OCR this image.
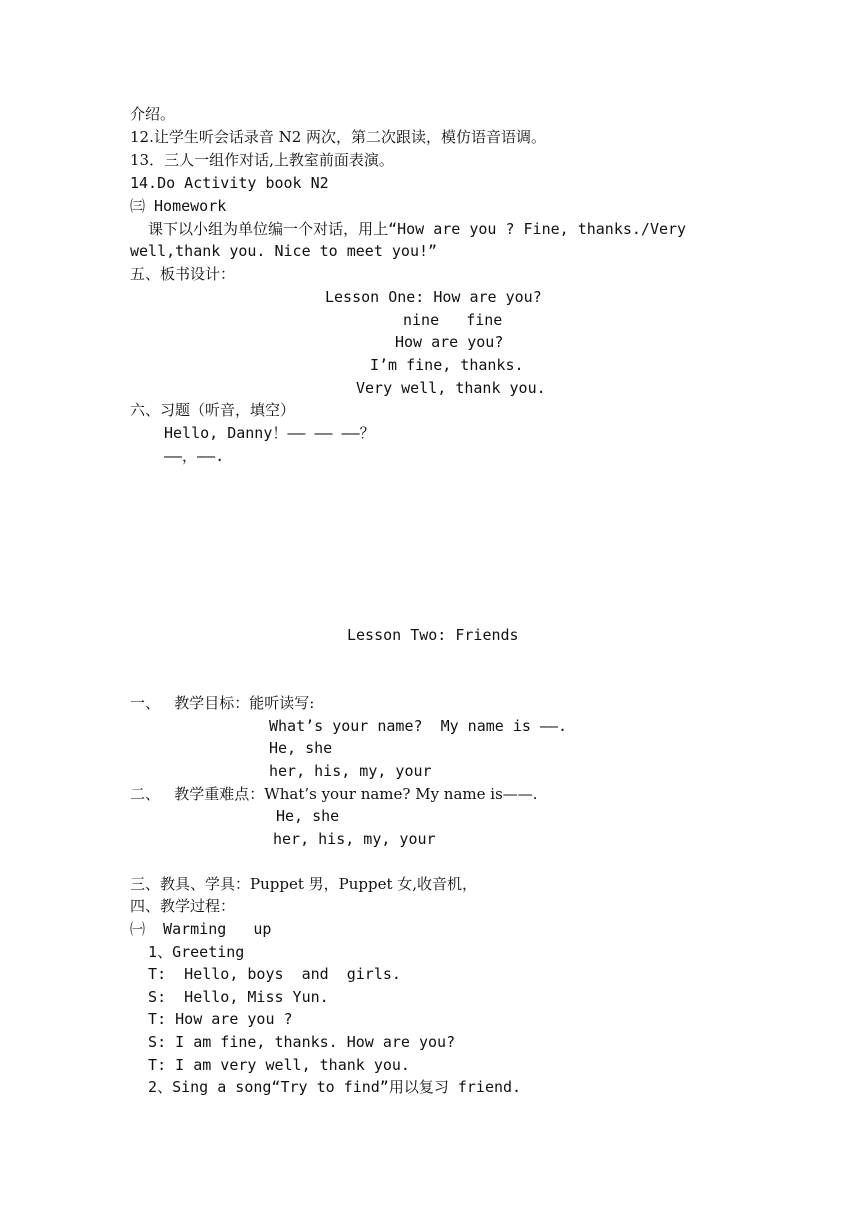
介绍。
12.让学生听会话录音 N2 两次，第二次跟读，模仿语音语调。
13．三人一组作对话,上教室前面表演。
14.Do Activity book N2
㈢ Homework
课下以小组为单位编一个对话，用上“How are you ? Fine, thanks./Very
well,thank you. Nice to meet you!”
五、板书设计：
Lesson One: How are you?
nine   fine
How are you?
I’m fine, thanks.
Very well, thank you.
六、习题（听音，填空）
Hello, Danny！—— —— ——？
——，——.
Lesson Two: Friends
一、   教学目标：能听读写:
What’s your name?  My name is ——.
He, she
her, his, my, your
二、   教学重难点：What’s your name? My name is——.
He, she
her, his, my, your
三、教具、学具：Puppet 男，Puppet 女,收音机，
四、教学过程：
㈠  Warming   up
1、Greeting
T:  Hello, boys  and  girls.
S:  Hello, Miss Yun.
T: How are you ?
S: I am fine, thanks. How are you?
T: I am very well, thank you.
2、Sing a song“Try to find”用以复习 friend.
